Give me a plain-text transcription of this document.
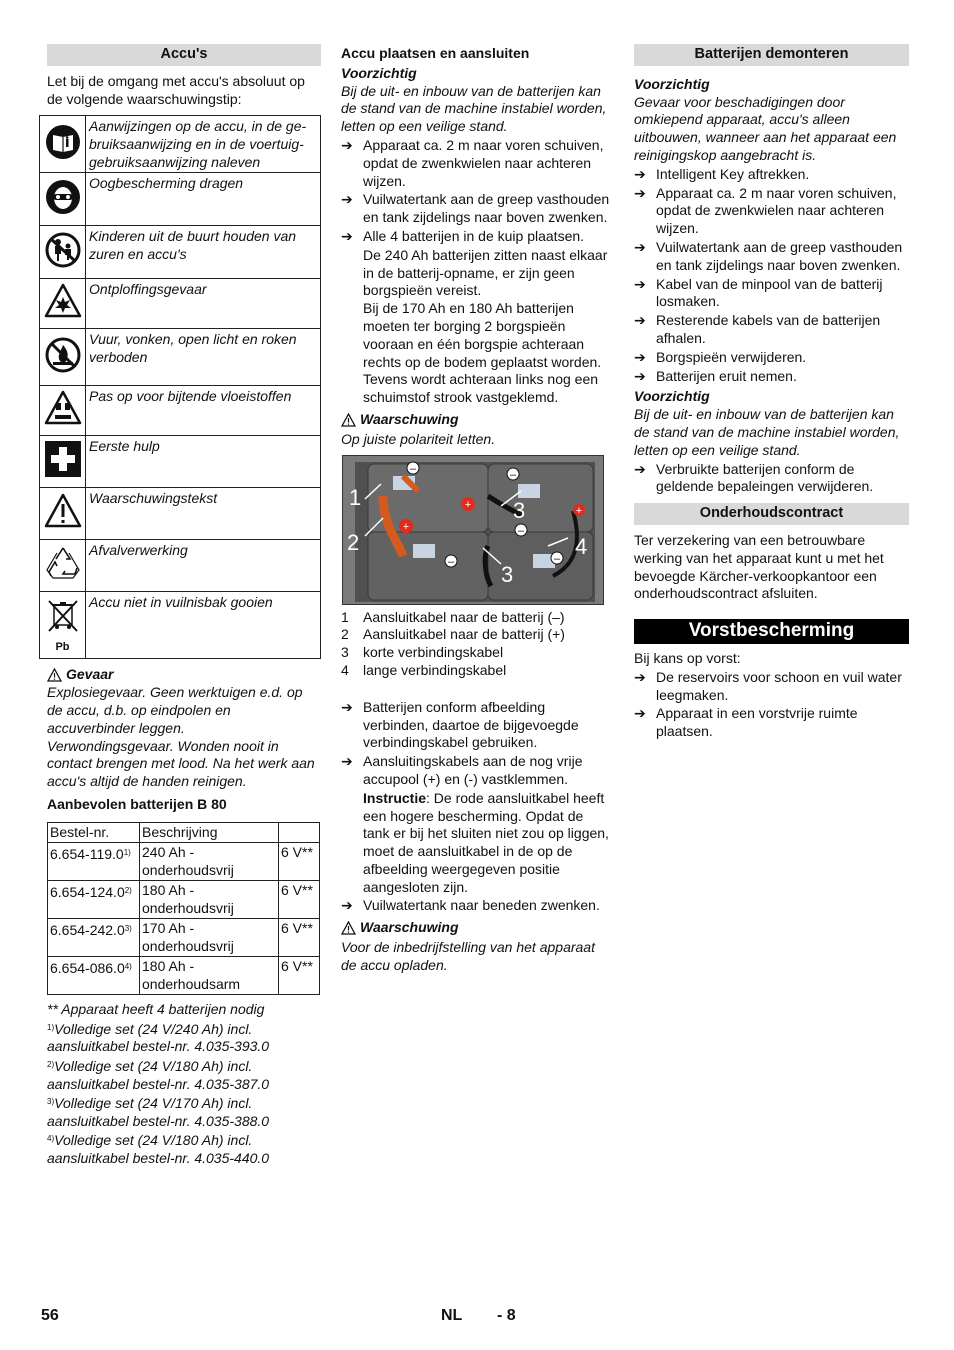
Accu's

Let bij de omgang met accu's absoluut op de volgende waarschuwingstip:

	Aanwijzingen op de accu, in de ge-bruiksaanwijzing en in de voertuig-gebruiksaanwijzing naleven
	Oogbescherming dragen
	Kinderen uit de buurt houden van zuren en accu's
	Ontploffingsgevaar
	Vuur, vonken, open licht en roken verboden
	Pas op voor bijtende vloeistoffen
	Eerste hulp
	Waarschuwingstekst
	Afvalverwerking

Pb	Accu niet in vuilnisbak gooien
Gevaar

Explosiegevaar. Geen werktuigen e.d. op de accu, d.b. op eindpolen en accuverbinder leggen.

Verwondingsgevaar. Wonden nooit in contact brengen met lood. Na het werk aan accu's altijd de handen reinigen.

Aanbevolen batterijen B 80
Bestel-nr.	Beschrijving	
6.654-119.0$^{1)}$	240 Ah - onderhoudsvrij	6 V**
6.654-124.0$^{2)}$	180 Ah - onderhoudsvrij	6 V**
6.654-242.0$^{3)}$	170 Ah - onderhoudsvrij	6 V**
6.654-086.0$^{4)}$	180 Ah - onderhoudsarm	6 V**

** Apparaat heeft 4 batterijen nodig

$^{1)}$Volledige set (24 V/240 Ah) incl. aansluitkabel bestel-nr. 4.035-393.0

$^{2)}$Volledige set (24 V/180 Ah) incl. aansluitkabel bestel-nr. 4.035-387.0

$^{3)}$Volledige set (24 V/170 Ah) incl. aansluitkabel bestel-nr. 4.035-388.0

$^{4)}$Volledige set (24 V/180 Ah) incl. aansluitkabel bestel-nr. 4.035-440.0

Accu plaatsen en aansluiten

Voorzichtig

Bij de uit- en inbouw van de batterijen kan de stand van de machine instabiel worden, letten op een veilige stand.

➔ Apparaat ca. 2 m naar voren schuiven, opdat de zwenkwielen naar achteren wijzen.
➔ Vuilwatertank aan de greep vasthouden en tank zijdelings naar boven zwenken.
➔ Alle 4 batterijen in de kuip plaatsen.

De 240 Ah batterijen zitten naast elkaar in de batterij-opname, er zijn geen borgspieën vereist.

Bij de 170 Ah en 180 Ah batterijen moeten ter borging 2 borgspieën vooraan en één borgspie achteraan rechts op de bodem geplaatst worden. Tevens wordt achteraan links nog een schuimstof strook vastgeklemd.

Waarschuwing

Op juiste polariteit letten.

–	–
+	+
+	–
–	–
1
2
3
4
3
1	Aansluitkabel naar de batterij (–)
2	Aansluitkabel naar de batterij (+)
3	korte verbindingskabel
4	lange verbindingskabel
➔ Batterijen conform afbeelding verbinden, daartoe de bijgevoegde verbindingskabel gebruiken.
➔ Aansluitingskabels aan de nog vrije accupool (+) en (-) vastklemmen.

Instructie: De rode aansluitkabel heeft een hogere bescherming. Opdat de tank er bij het sluiten niet zou op liggen, moet de aansluitkabel in de op de afbeelding weergegeven positie aangesloten zijn.

➔ Vuilwatertank naar beneden zwenken.
Waarschuwing

Voor de inbedrijfstelling van het apparaat de accu opladen.

Batterijen demonteren

Voorzichtig

Gevaar voor beschadigingen door omkiepend apparaat, accu's alleen uitbouwen, wanneer aan het apparaat een reinigingskop aangebracht is.

➔ Intelligent Key aftrekken.
➔ Apparaat ca. 2 m naar voren schuiven, opdat de zwenkwielen naar achteren wijzen.
➔ Vuilwatertank aan de greep vasthouden en tank zijdelings naar boven zwenken.
➔ Kabel van de minpool van de batterij losmaken.
➔ Resterende kabels van de batterijen afhalen.
➔ Borgspieën verwijderen.
➔ Batterijen eruit nemen.

Voorzichtig

Bij de uit- en inbouw van de batterijen kan de stand van de machine instabiel worden, letten op een veilige stand.

➔ Verbruikte batterijen conform de geldende bepaleingen verwijderen.
Onderhoudscontract

Ter verzekering van een betrouwbare werking van het apparaat kunt u met het bevoegde Kärcher-verkoopkantoor een onderhoudscontract afsluiten.

Vorstbescherming

Bij kans op vorst:

➔ De reservoirs voor schoon en vuil water leegmaken.
➔ Apparaat in een vorstvrije ruimte plaatsen.
56	NL - 8
